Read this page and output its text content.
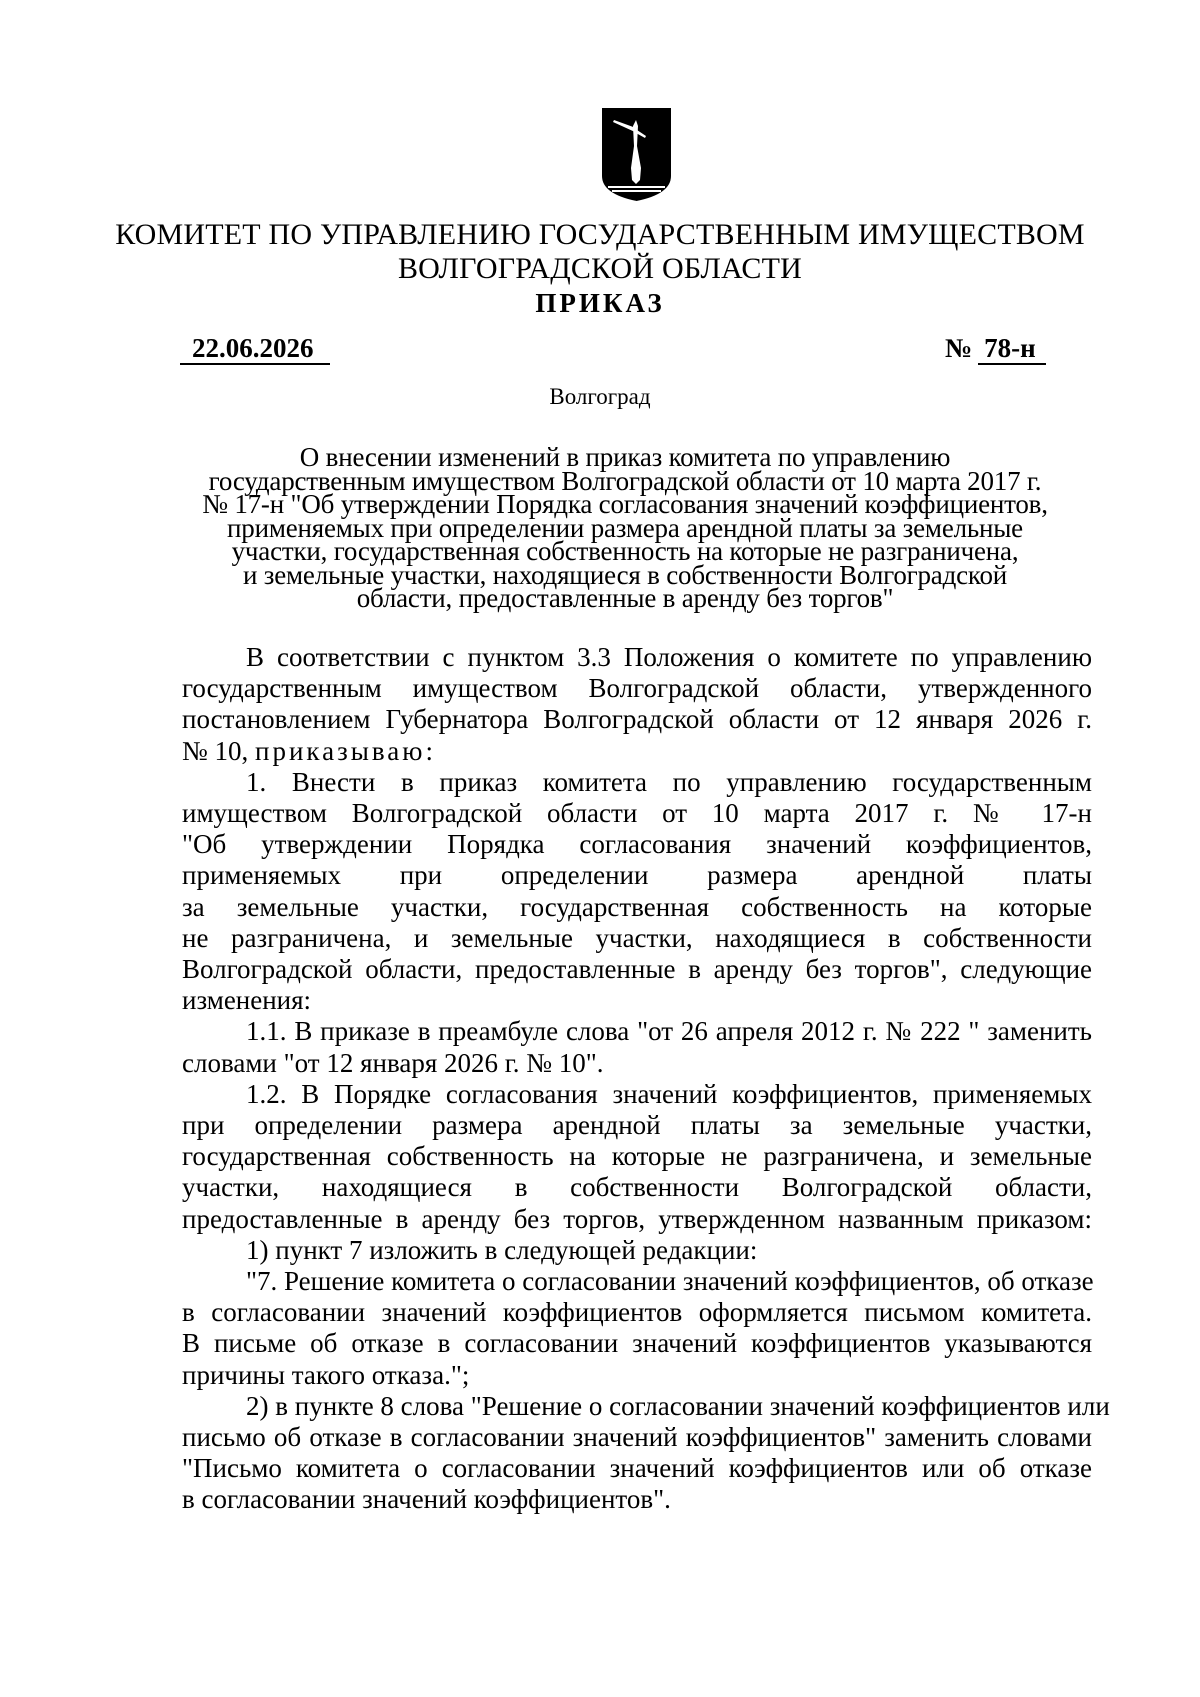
КОМИТЕТ ПО УПРАВЛЕНИЮ ГОСУДАРСТВЕННЫМ ИМУЩЕСТВОМ
ВОЛГОГРАДСКОЙ ОБЛАСТИ
ПРИКАЗ
22.06.2026	№ 78-н
Волгоград
О внесении изменений в приказ комитета по управлению
государственным имуществом Волгоградской области от 10 марта 2017 г.
№ 17-н "Об утверждении Порядка согласования значений коэффициентов,
применяемых при определении размера арендной платы за земельные
участки, государственная собственность на которые не разграничена,
и земельные участки, находящиеся в собственности Волгоградской
области, предоставленные в аренду без торгов"
В соответствии с пунктом 3.3 Положения о комитете по управлению
государственным имуществом Волгоградской области, утвержденного
постановлением Губернатора Волгоградской области от 12 января 2026 г.
№ 10, приказываю:
1. Внести в приказ комитета по управлению государственным
имуществом Волгоградской области от 10 марта 2017 г. № 17-н
"Об утверждении Порядка согласования значений коэффициентов,
применяемых при определении размера арендной платы
за земельные участки, государственная собственность на которые
не разграничена, и земельные участки, находящиеся в собственности
Волгоградской области, предоставленные в аренду без торгов", следующие
изменения:
1.1. В приказе в преамбуле слова "от 26 апреля 2012 г. № 222 " заменить
словами "от 12 января 2026 г. № 10".
1.2. В Порядке согласования значений коэффициентов, применяемых
при определении размера арендной платы за земельные участки,
государственная собственность на которые не разграничена, и земельные
участки, находящиеся в собственности Волгоградской области,
предоставленные в аренду без торгов, утвержденном названным приказом:
1) пункт 7 изложить в следующей редакции:
"7. Решение комитета о согласовании значений коэффициентов, об отказе
в согласовании значений коэффициентов оформляется письмом комитета.
В письме об отказе в согласовании значений коэффициентов указываются
причины такого отказа.";
2) в пункте 8 слова "Решение о согласовании значений коэффициентов или
письмо об отказе в согласовании значений коэффициентов" заменить словами
"Письмо комитета о согласовании значений коэффициентов или об отказе
в согласовании значений коэффициентов".
